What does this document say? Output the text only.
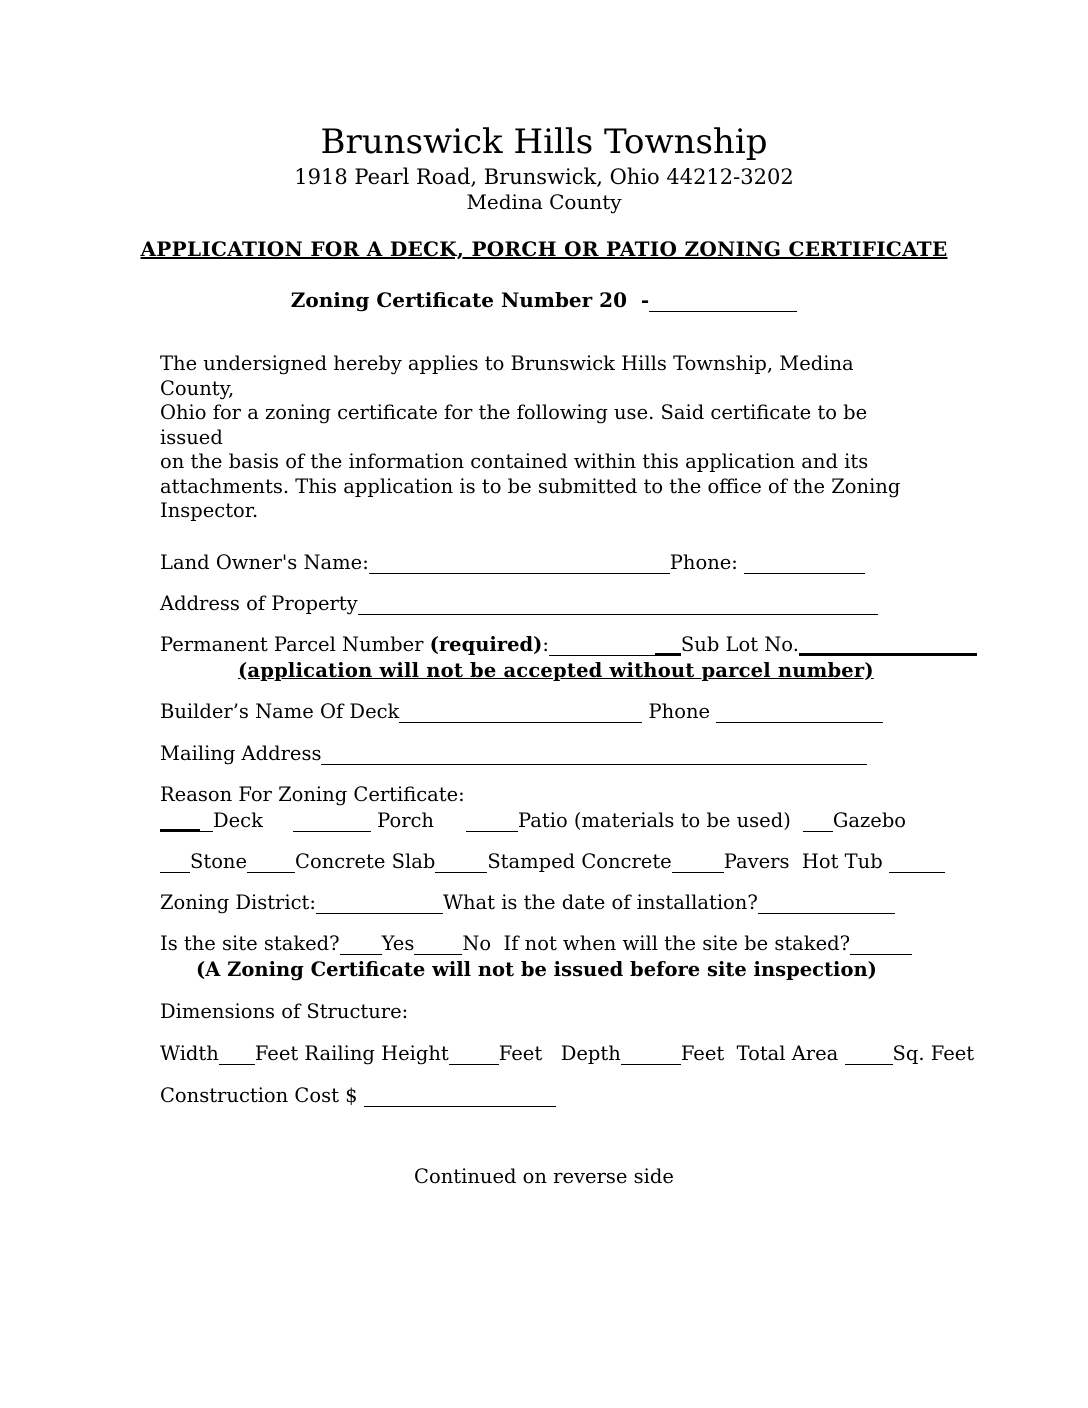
Brunswick Hills Township
1918 Pearl Road, Brunswick, Ohio 44212-3202
Medina County
APPLICATION FOR A DECK, PORCH OR PATIO ZONING CERTIFICATE
Zoning Certificate Number 20  -
The undersigned hereby applies to Brunswick Hills Township, Medina County,
Ohio for a zoning certificate for the following use. Said certificate to be issued
on the basis of the information contained within this application and its
attachments. This application is to be submitted to the office of the Zoning
Inspector.
Land Owner's Name:	Phone:
Address of Property
Permanent Parcel Number (required):	Sub Lot No.
(application will not be accepted without parcel number)
Builder’s Name Of Deck	Phone
Mailing Address
Reason For Zoning Certificate:
Deck	Porch	Patio (materials to be used) Gazebo
Stone Concrete Slab	Stamped Concrete	Pavers  Hot Tub
Zoning District:	What is the date of installation?
Is the site staked? Yes No  If not when will the site be staked?
(A Zoning Certificate will not be issued before site inspection)
Dimensions of Structure:
Width Feet Railing Height	Feet   Depth	Feet  Total Area Sq. Feet
Construction Cost $
Continued on reverse side
